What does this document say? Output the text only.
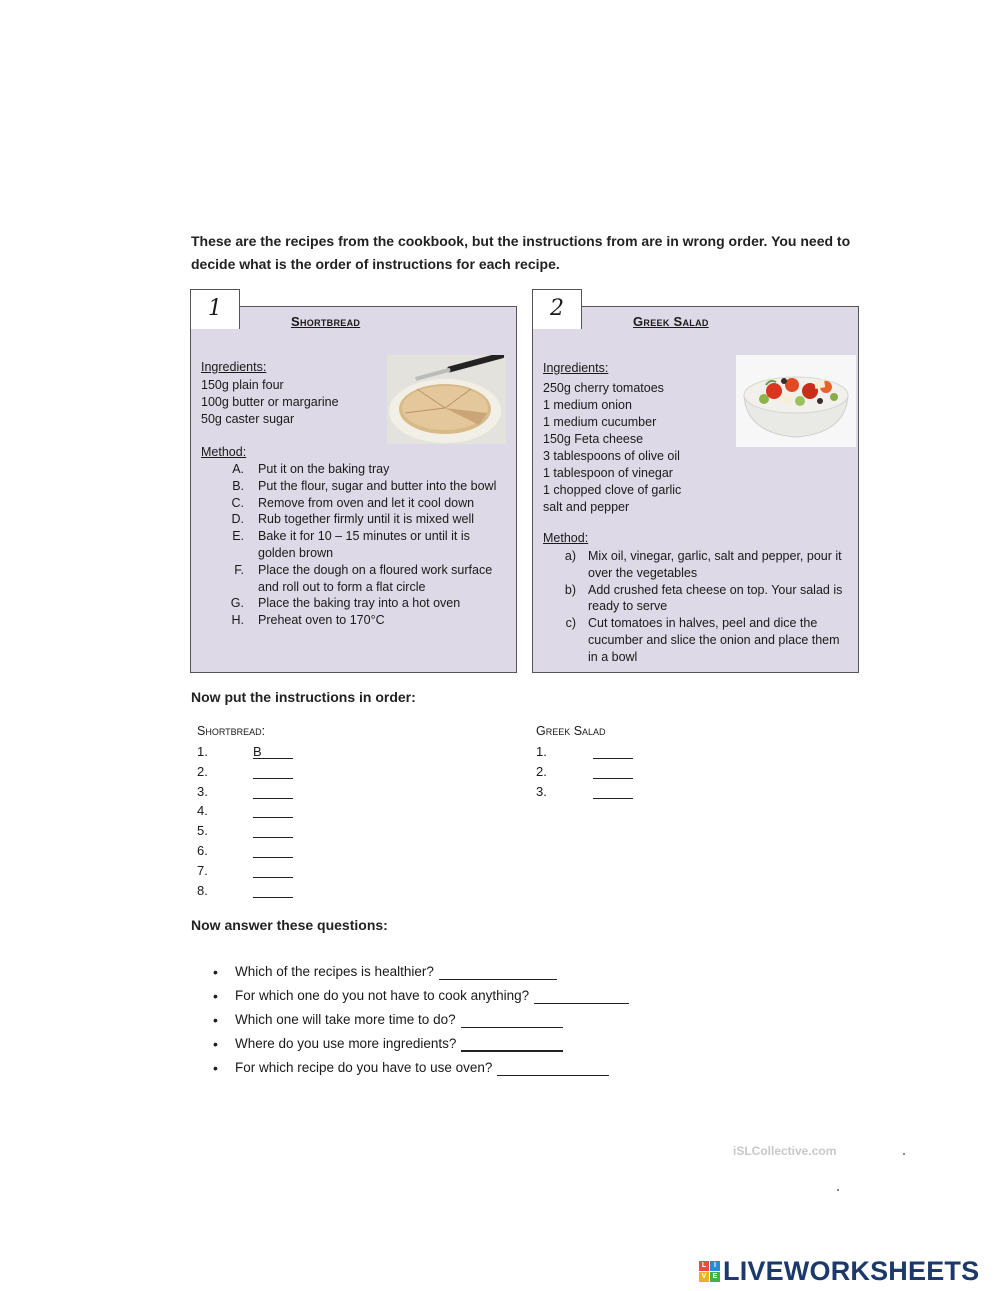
These are the recipes from the cookbook, but the instructions from are in wrong order. You need to decide what is the order of instructions for each recipe.
1
Shortbread
Ingredients:
150g plain four
100g butter or margarine
50g caster sugar
Method:
A. Put it on the baking tray
B. Put the flour, sugar and butter into the bowl
C. Remove from oven and let it cool down
D. Rub together firmly until it is mixed well
E. Bake it for 10 – 15 minutes or until it is golden brown
F. Place the dough on a floured work surface and roll out to form a flat circle
G. Place the baking tray into a hot oven
H. Preheat oven to 170°C
2
Greek Salad
Ingredients:
250g cherry tomatoes
1 medium onion
1 medium cucumber
150g Feta cheese
3 tablespoons of olive oil
1 tablespoon of vinegar
1 chopped clove of garlic
salt and pepper
Method:
a) Mix oil, vinegar, garlic, salt and pepper, pour it over the vegetables
b) Add crushed feta cheese on top. Your salad is ready to serve
c) Cut tomatoes in halves, peel and dice the cucumber and slice the onion and place them in a bowl
Now put the instructions in order:
Shortbread:	Greek Salad
1.	B
2.
3.
4.
5.
6.
7.
8.
1.
2.
3.
Now answer these questions:
•	Which of the recipes is healthier?
•	For which one do you not have to cook anything?
•	Which one will take more time to do?
•	Where do you use more ingredients?
•	For which recipe do you have to use oven?
iSLCollective.com
L	I
V E LIVEWORKSHEETS
